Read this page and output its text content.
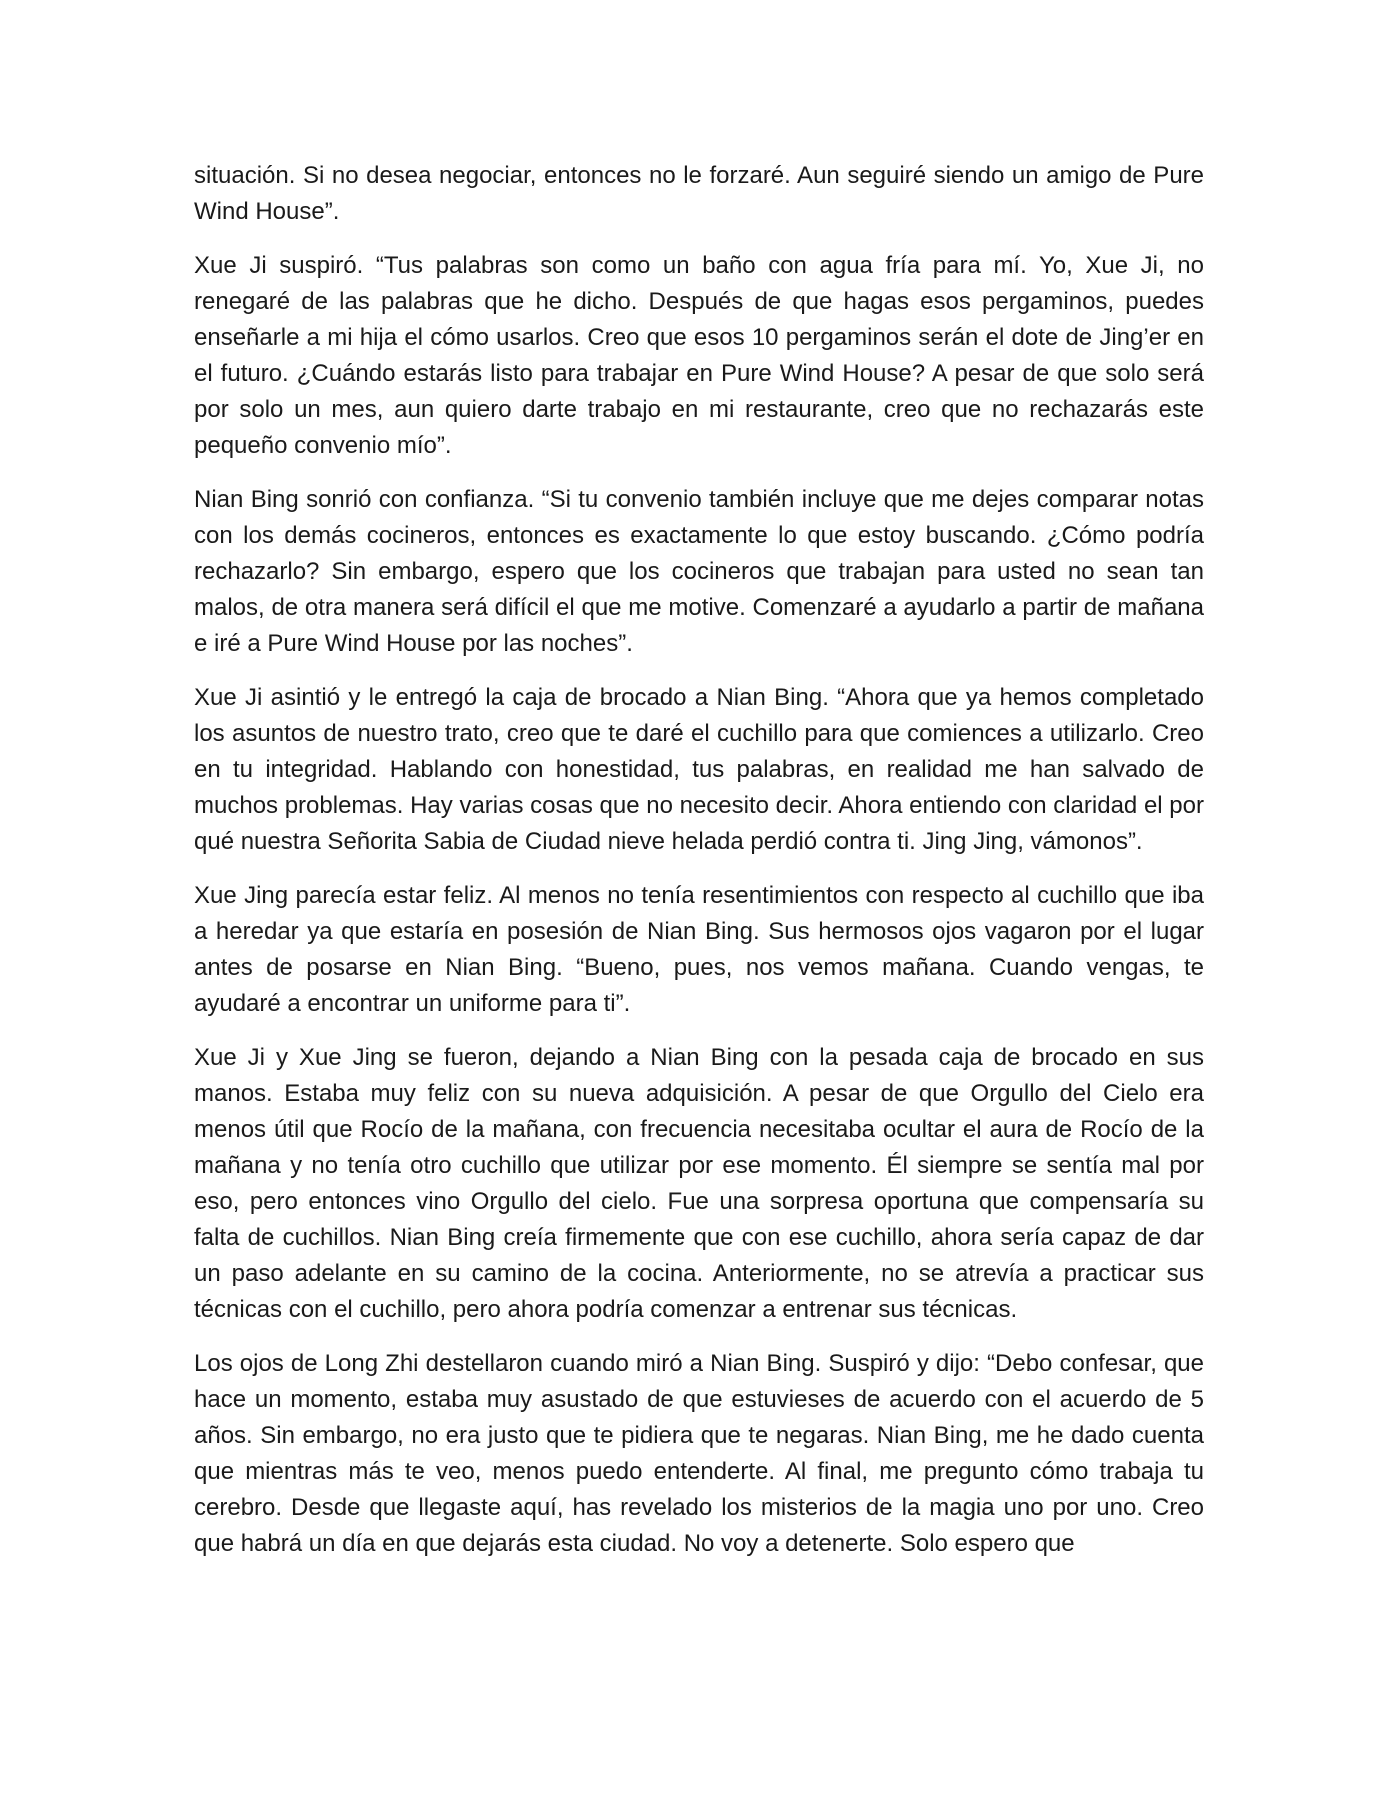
situación. Si no desea negociar, entonces no le forzaré. Aun seguiré siendo un amigo de Pure Wind House”.

Xue Ji suspiró. “Tus palabras son como un baño con agua fría para mí. Yo, Xue Ji, no renegaré de las palabras que he dicho. Después de que hagas esos pergaminos, puedes enseñarle a mi hija el cómo usarlos. Creo que esos 10 pergaminos serán el dote de Jing’er en el futuro. ¿Cuándo estarás listo para trabajar en Pure Wind House? A pesar de que solo será por solo un mes, aun quiero darte trabajo en mi restaurante, creo que no rechazarás este pequeño convenio mío”.

Nian Bing sonrió con confianza. “Si tu convenio también incluye que me dejes comparar notas con los demás cocineros, entonces es exactamente lo que estoy buscando. ¿Cómo podría rechazarlo? Sin embargo, espero que los cocineros que trabajan para usted no sean tan malos, de otra manera será difícil el que me motive. Comenzaré a ayudarlo a partir de mañana e iré a Pure Wind House por las noches”.

Xue Ji asintió y le entregó la caja de brocado a Nian Bing. “Ahora que ya hemos completado los asuntos de nuestro trato, creo que te daré el cuchillo para que comiences a utilizarlo. Creo en tu integridad. Hablando con honestidad, tus palabras, en realidad me han salvado de muchos problemas. Hay varias cosas que no necesito decir. Ahora entiendo con claridad el por qué nuestra Señorita Sabia de Ciudad nieve helada perdió contra ti. Jing Jing, vámonos”.

Xue Jing parecía estar feliz. Al menos no tenía resentimientos con respecto al cuchillo que iba a heredar ya que estaría en posesión de Nian Bing. Sus hermosos ojos vagaron por el lugar antes de posarse en Nian Bing. “Bueno, pues, nos vemos mañana. Cuando vengas, te ayudaré a encontrar un uniforme para ti”.

Xue Ji y Xue Jing se fueron, dejando a Nian Bing con la pesada caja de brocado en sus manos. Estaba muy feliz con su nueva adquisición. A pesar de que Orgullo del Cielo era menos útil que Rocío de la mañana, con frecuencia necesitaba ocultar el aura de Rocío de la mañana y no tenía otro cuchillo que utilizar por ese momento. Él siempre se sentía mal por eso, pero entonces vino Orgullo del cielo. Fue una sorpresa oportuna que compensaría su falta de cuchillos. Nian Bing creía firmemente que con ese cuchillo, ahora sería capaz de dar un paso adelante en su camino de la cocina. Anteriormente, no se atrevía a practicar sus técnicas con el cuchillo, pero ahora podría comenzar a entrenar sus técnicas.

Los ojos de Long Zhi destellaron cuando miró a Nian Bing. Suspiró y dijo: “Debo confesar, que hace un momento, estaba muy asustado de que estuvieses de acuerdo con el acuerdo de 5 años. Sin embargo, no era justo que te pidiera que te negaras. Nian Bing, me he dado cuenta que mientras más te veo, menos puedo entenderte. Al final, me pregunto cómo trabaja tu cerebro. Desde que llegaste aquí, has revelado los misterios de la magia uno por uno. Creo que habrá un día en que dejarás esta ciudad. No voy a detenerte. Solo espero que
